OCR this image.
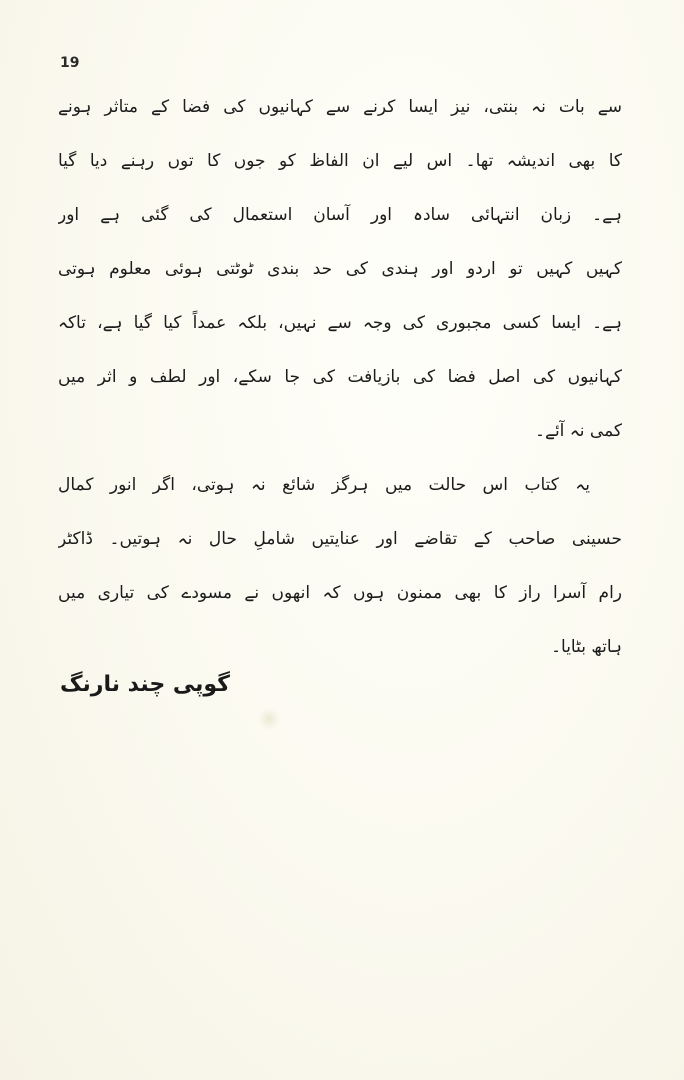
19
سے بات نہ بنتی، نیز ایسا کرنے سے کہانیوں کی فضا کے متاثر ہونے
کا بھی اندیشہ تھا۔ اس لیے ان الفاظ کو جوں کا توں رہنے دیا گیا
ہے۔ زبان انتہائی سادہ اور آسان استعمال کی گئی ہے اور
کہیں کہیں تو اردو اور ہندی کی حد بندی ٹوٹتی ہوئی معلوم ہوتی
ہے۔ ایسا کسی مجبوری کی وجہ سے نہیں، بلکہ عمداً کیا گیا ہے، تاکہ
کہانیوں کی اصل فضا کی بازیافت کی جا سکے، اور لطف و اثر میں
کمی نہ آئے۔
یہ کتاب اس حالت میں ہرگز شائع نہ ہوتی، اگر انور کمال
حسینی صاحب کے تقاضے اور عنایتیں شاملِ حال نہ ہوتیں۔ ڈاکٹر
رام آسرا راز کا بھی ممنون ہوں کہ انھوں نے مسودے کی تیاری میں
ہاتھ بٹایا۔
گوپی چند نارنگ
